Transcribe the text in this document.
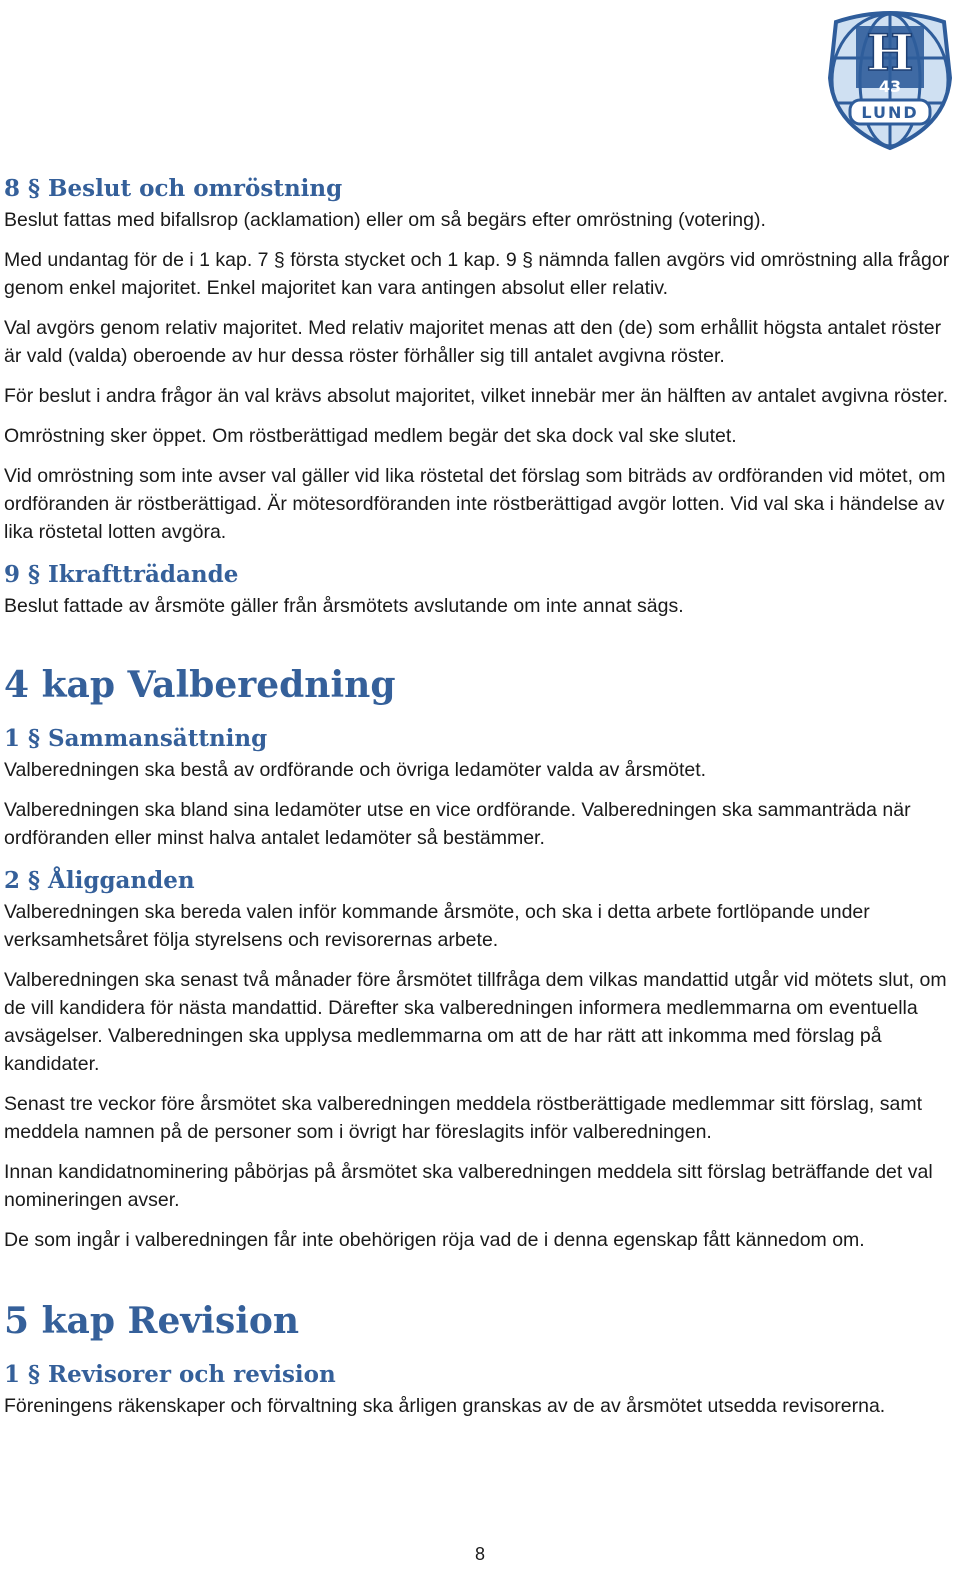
H
43
LUND
8 § Beslut och omröstning

Beslut fattas med bifallsrop (acklamation) eller om så begärs efter omröstning (votering).

Med undantag för de i 1 kap. 7 § första stycket och 1 kap. 9 § nämnda fallen avgörs vid omröstning alla frågor genom enkel majoritet. Enkel majoritet kan vara antingen absolut eller relativ.

Val avgörs genom relativ majoritet. Med relativ majoritet menas att den (de) som erhållit högsta antalet röster är vald (valda) oberoende av hur dessa röster förhåller sig till antalet avgivna röster.

För beslut i andra frågor än val krävs absolut majoritet, vilket innebär mer än hälften av antalet avgivna röster.

Omröstning sker öppet. Om röstberättigad medlem begär det ska dock val ske slutet.

Vid omröstning som inte avser val gäller vid lika röstetal det förslag som biträds av ordföranden vid mötet, om ordföranden är röstberättigad. Är mötesordföranden inte röstberättigad avgör lotten. Vid val ska i händelse av lika röstetal lotten avgöra.

9 § Ikraftträdande

Beslut fattade av årsmöte gäller från årsmötets avslutande om inte annat sägs.

4 kap Valberedning
1 § Sammansättning

Valberedningen ska bestå av ordförande och övriga ledamöter valda av årsmötet.

Valberedningen ska bland sina ledamöter utse en vice ordförande. Valberedningen ska sammanträda när ordföranden eller minst halva antalet ledamöter så bestämmer.

2 § Åligganden

Valberedningen ska bereda valen inför kommande årsmöte, och ska i detta arbete fortlöpande under verksamhetsåret följa styrelsens och revisorernas arbete.

Valberedningen ska senast två månader före årsmötet tillfråga dem vilkas mandattid utgår vid mötets slut, om de vill kandidera för nästa mandattid. Därefter ska valberedningen informera medlemmarna om eventuella avsägelser. Valberedningen ska upplysa medlemmarna om att de har rätt att inkomma med förslag på kandidater.

Senast tre veckor före årsmötet ska valberedningen meddela röstberättigade medlemmar sitt förslag, samt meddela namnen på de personer som i övrigt har föreslagits inför valberedningen.

Innan kandidatnominering påbörjas på årsmötet ska valberedningen meddela sitt förslag beträffande det val nomineringen avser.

De som ingår i valberedningen får inte obehörigen röja vad de i denna egenskap fått kännedom om.

5 kap Revision
1 § Revisorer och revision

Föreningens räkenskaper och förvaltning ska årligen granskas av de av årsmötet utsedda revisorerna.

8
